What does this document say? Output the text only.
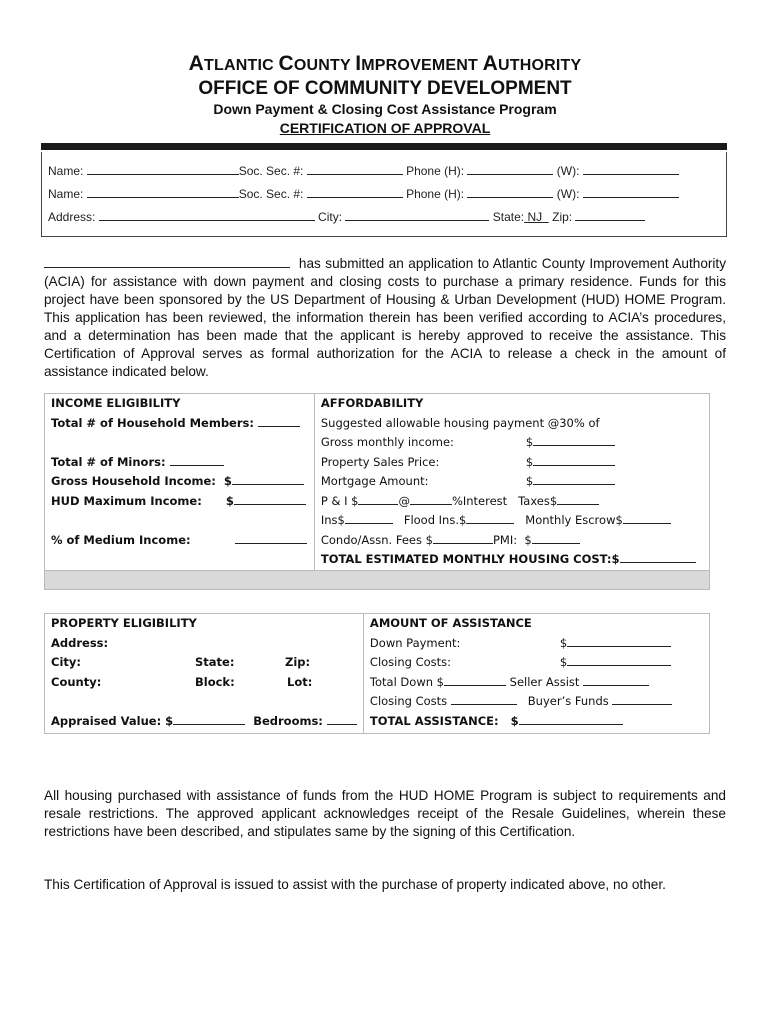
ATLANTIC COUNTY IMPROVEMENT AUTHORITY
OFFICE OF COMMUNITY DEVELOPMENT
Down Payment & Closing Cost Assistance Program
CERTIFICATION OF APPROVAL
Name:	Soc. Sec. #:	Phone (H):	(W):
Name:	Soc. Sec. #:	Phone (H):	(W):
Address:	City:	State: NJ Zip:

has submitted an application to Atlantic County Improvement Authority (ACIA) for assistance with down payment and closing costs to purchase a primary residence. Funds for this project have been sponsored by the US Department of Housing & Urban Development (HUD) HOME Program. This application has been reviewed, the information therein has been verified according to ACIA’s procedures, and a determination has been made that the applicant is hereby approved to receive the assistance. This Certification of Approval serves as formal authorization for the ACIA to release a check in the amount of assistance indicated below.

INCOME ELIGIBILITY
Total # of Household Members:

Total # of Minors:
Gross Household Income: $
HUD Maximum Income: $

% of Medium Income:

AFFORDABILITY
Suggested allowable housing payment @30% of
Gross monthly income:	$
Property Sales Price:	$
Mortgage Amount:	$
P & I $	@	%Interest Taxes$
Ins$	Flood Ins.$	Monthly Escrow$
Condo/Assn. Fees $	PMI: $
TOTAL ESTIMATED MONTHLY HOUSING COST:$

PROPERTY ELIGIBILITY
Address:
City:	State:	Zip:
County:	Block:	Lot:

Appraised Value: $	Bedrooms:

AMOUNT OF ASSISTANCE
Down Payment:	$
Closing Costs:	$
Total Down $	Seller Assist
Closing Costs	Buyer’s Funds
TOTAL ASSISTANCE: $

All housing purchased with assistance of funds from the HUD HOME Program is subject to requirements and resale restrictions. The approved applicant acknowledges receipt of the Resale Guidelines, wherein these restrictions have been described, and stipulates same by the signing of this Certification.

This Certification of Approval is issued to assist with the purchase of property indicated above, no other.
